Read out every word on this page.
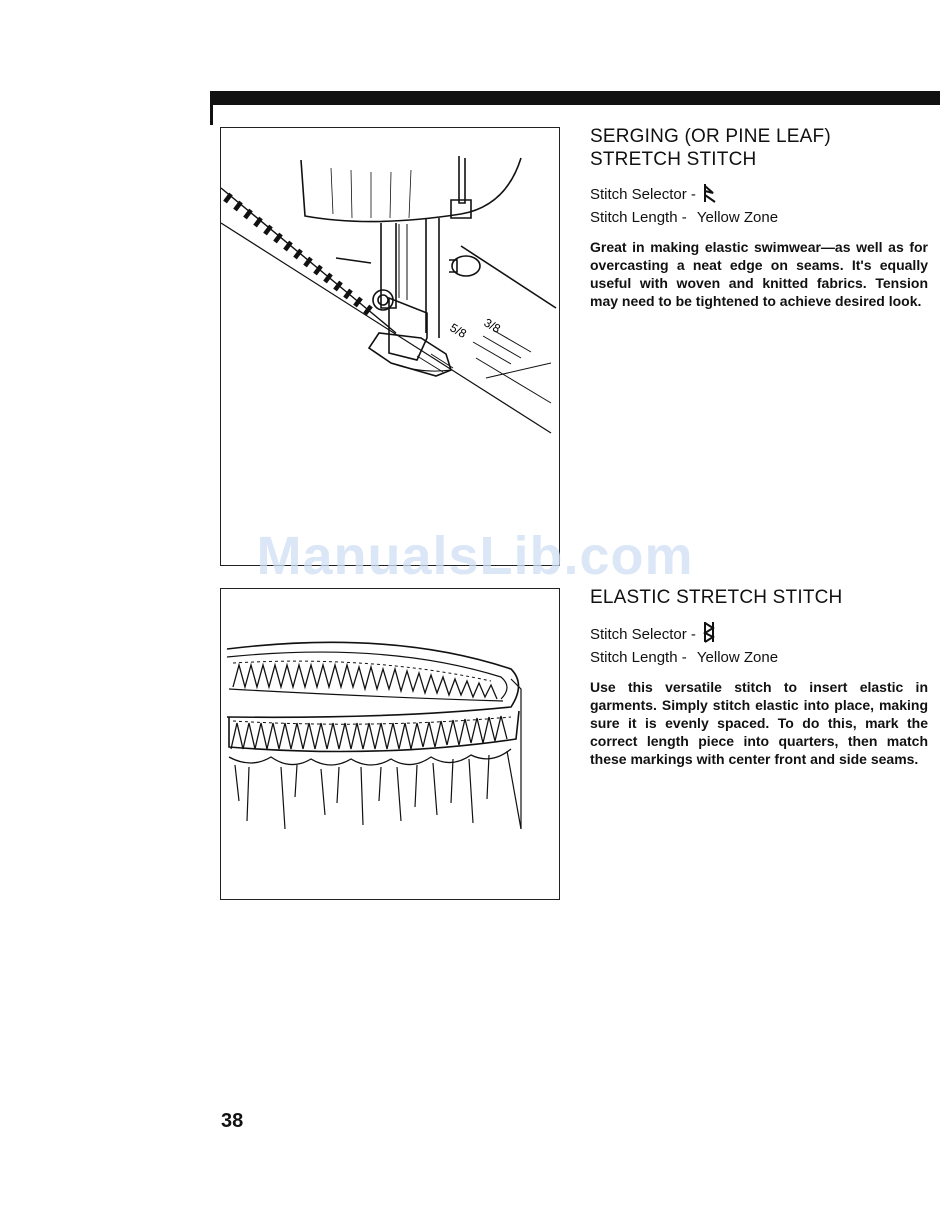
5/8 3/8
SERGING (OR PINE LEAF)
STRETCH STITCH
Stitch Selector -
Stitch Length - Yellow Zone

Great in making elastic swimwear—as well as for overcasting a neat edge on seams. It's equally useful with woven and knitted fabrics. Tension may need to be tightened to achieve desired look.

ELASTIC STRETCH STITCH
Stitch Selector -
Stitch Length - Yellow Zone

Use this versatile stitch to insert elastic in garments. Simply stitch elastic into place, making sure it is evenly spaced. To do this, mark the correct length piece into quarters, then match these markings with center front and side seams.

ManualsLib.com
38
